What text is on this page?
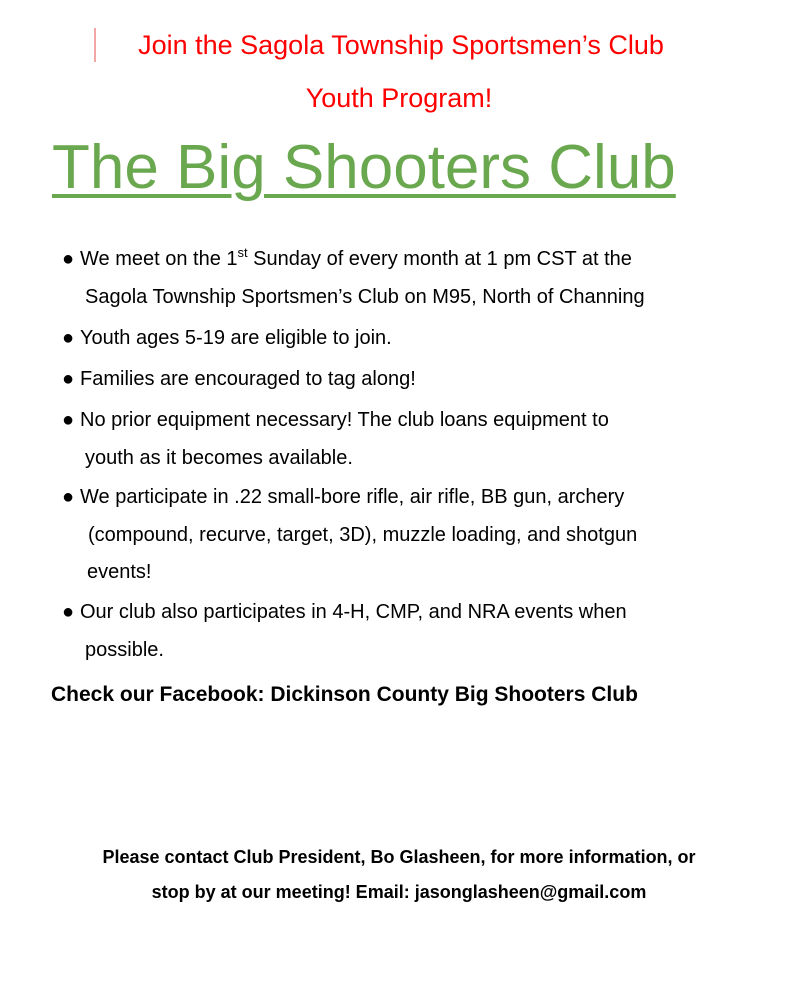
Join the Sagola Township Sportsmen’s Club
Youth Program!
The Big Shooters Club
● We meet on the 1st Sunday of every month at 1 pm CST at the
Sagola Township Sportsmen’s Club on M95, North of Channing
● Youth ages 5-19 are eligible to join.
● Families are encouraged to tag along!
● No prior equipment necessary! The club loans equipment to
youth as it becomes available.
● We participate in .22 small-bore rifle, air rifle, BB gun, archery
(compound, recurve, target, 3D), muzzle loading, and shotgun
events!
● Our club also participates in 4-H, CMP, and NRA events when
possible.
Check our Facebook: Dickinson County Big Shooters Club
Please contact Club President, Bo Glasheen, for more information, or
stop by at our meeting! Email: jasonglasheen@gmail.com
